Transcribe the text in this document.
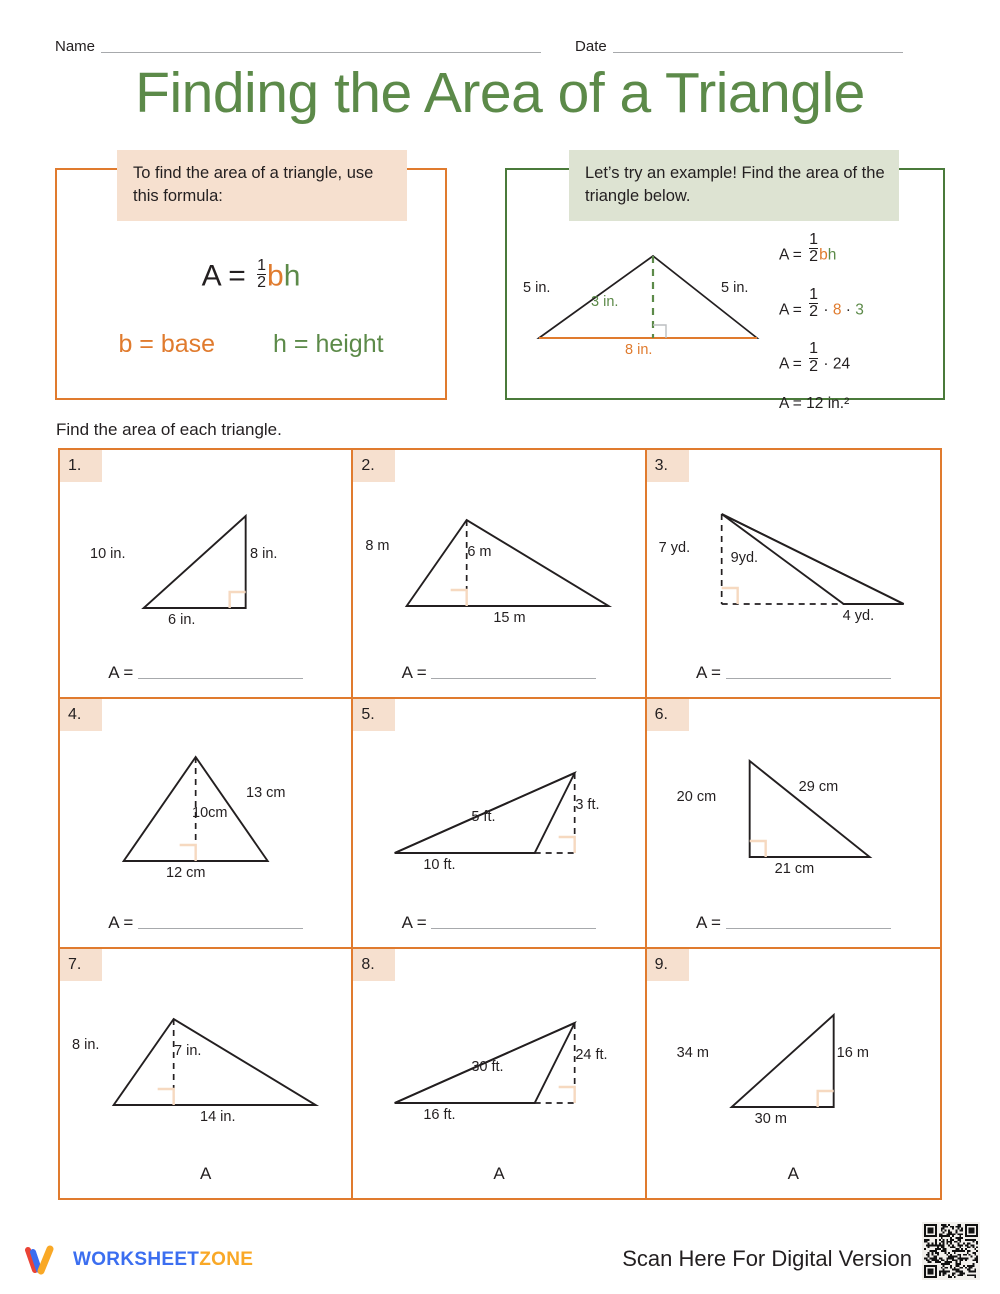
Name	Date
Finding the Area of a Triangle
To find the area of a triangle, use this formula:
$A = \frac{1}{2}$ bh
b = base h = height
Let’s try an example! Find the area of the triangle below.
5 in.	5 in.
3 in.
8 in.
$A = \frac{1}{2}$ bh
$A = \frac{1}{2} \cdot 8 \cdot 3$
$A = \frac{1}{2} \cdot 24$
A = 12 in.²
Find the area of each triangle.
1.
10 in.	8 in.
6 in.
A =
2.
8 m	6 m
15 m
A =
3.
7 yd.
9yd.
4 yd.
A =
4.
13 cm
10cm
12 cm
A =
5.
5 ft.
3 ft.
10 ft.
A =
6.
20 cm
29 cm
21 cm
A =
7.
8 in.	7 in.
14 in.
A
8.
30 ft.
24 ft.
16 ft.
A
9.
34 m	16 m
30 m
A
WORKSHEETZONE	Scan Here For Digital Version
